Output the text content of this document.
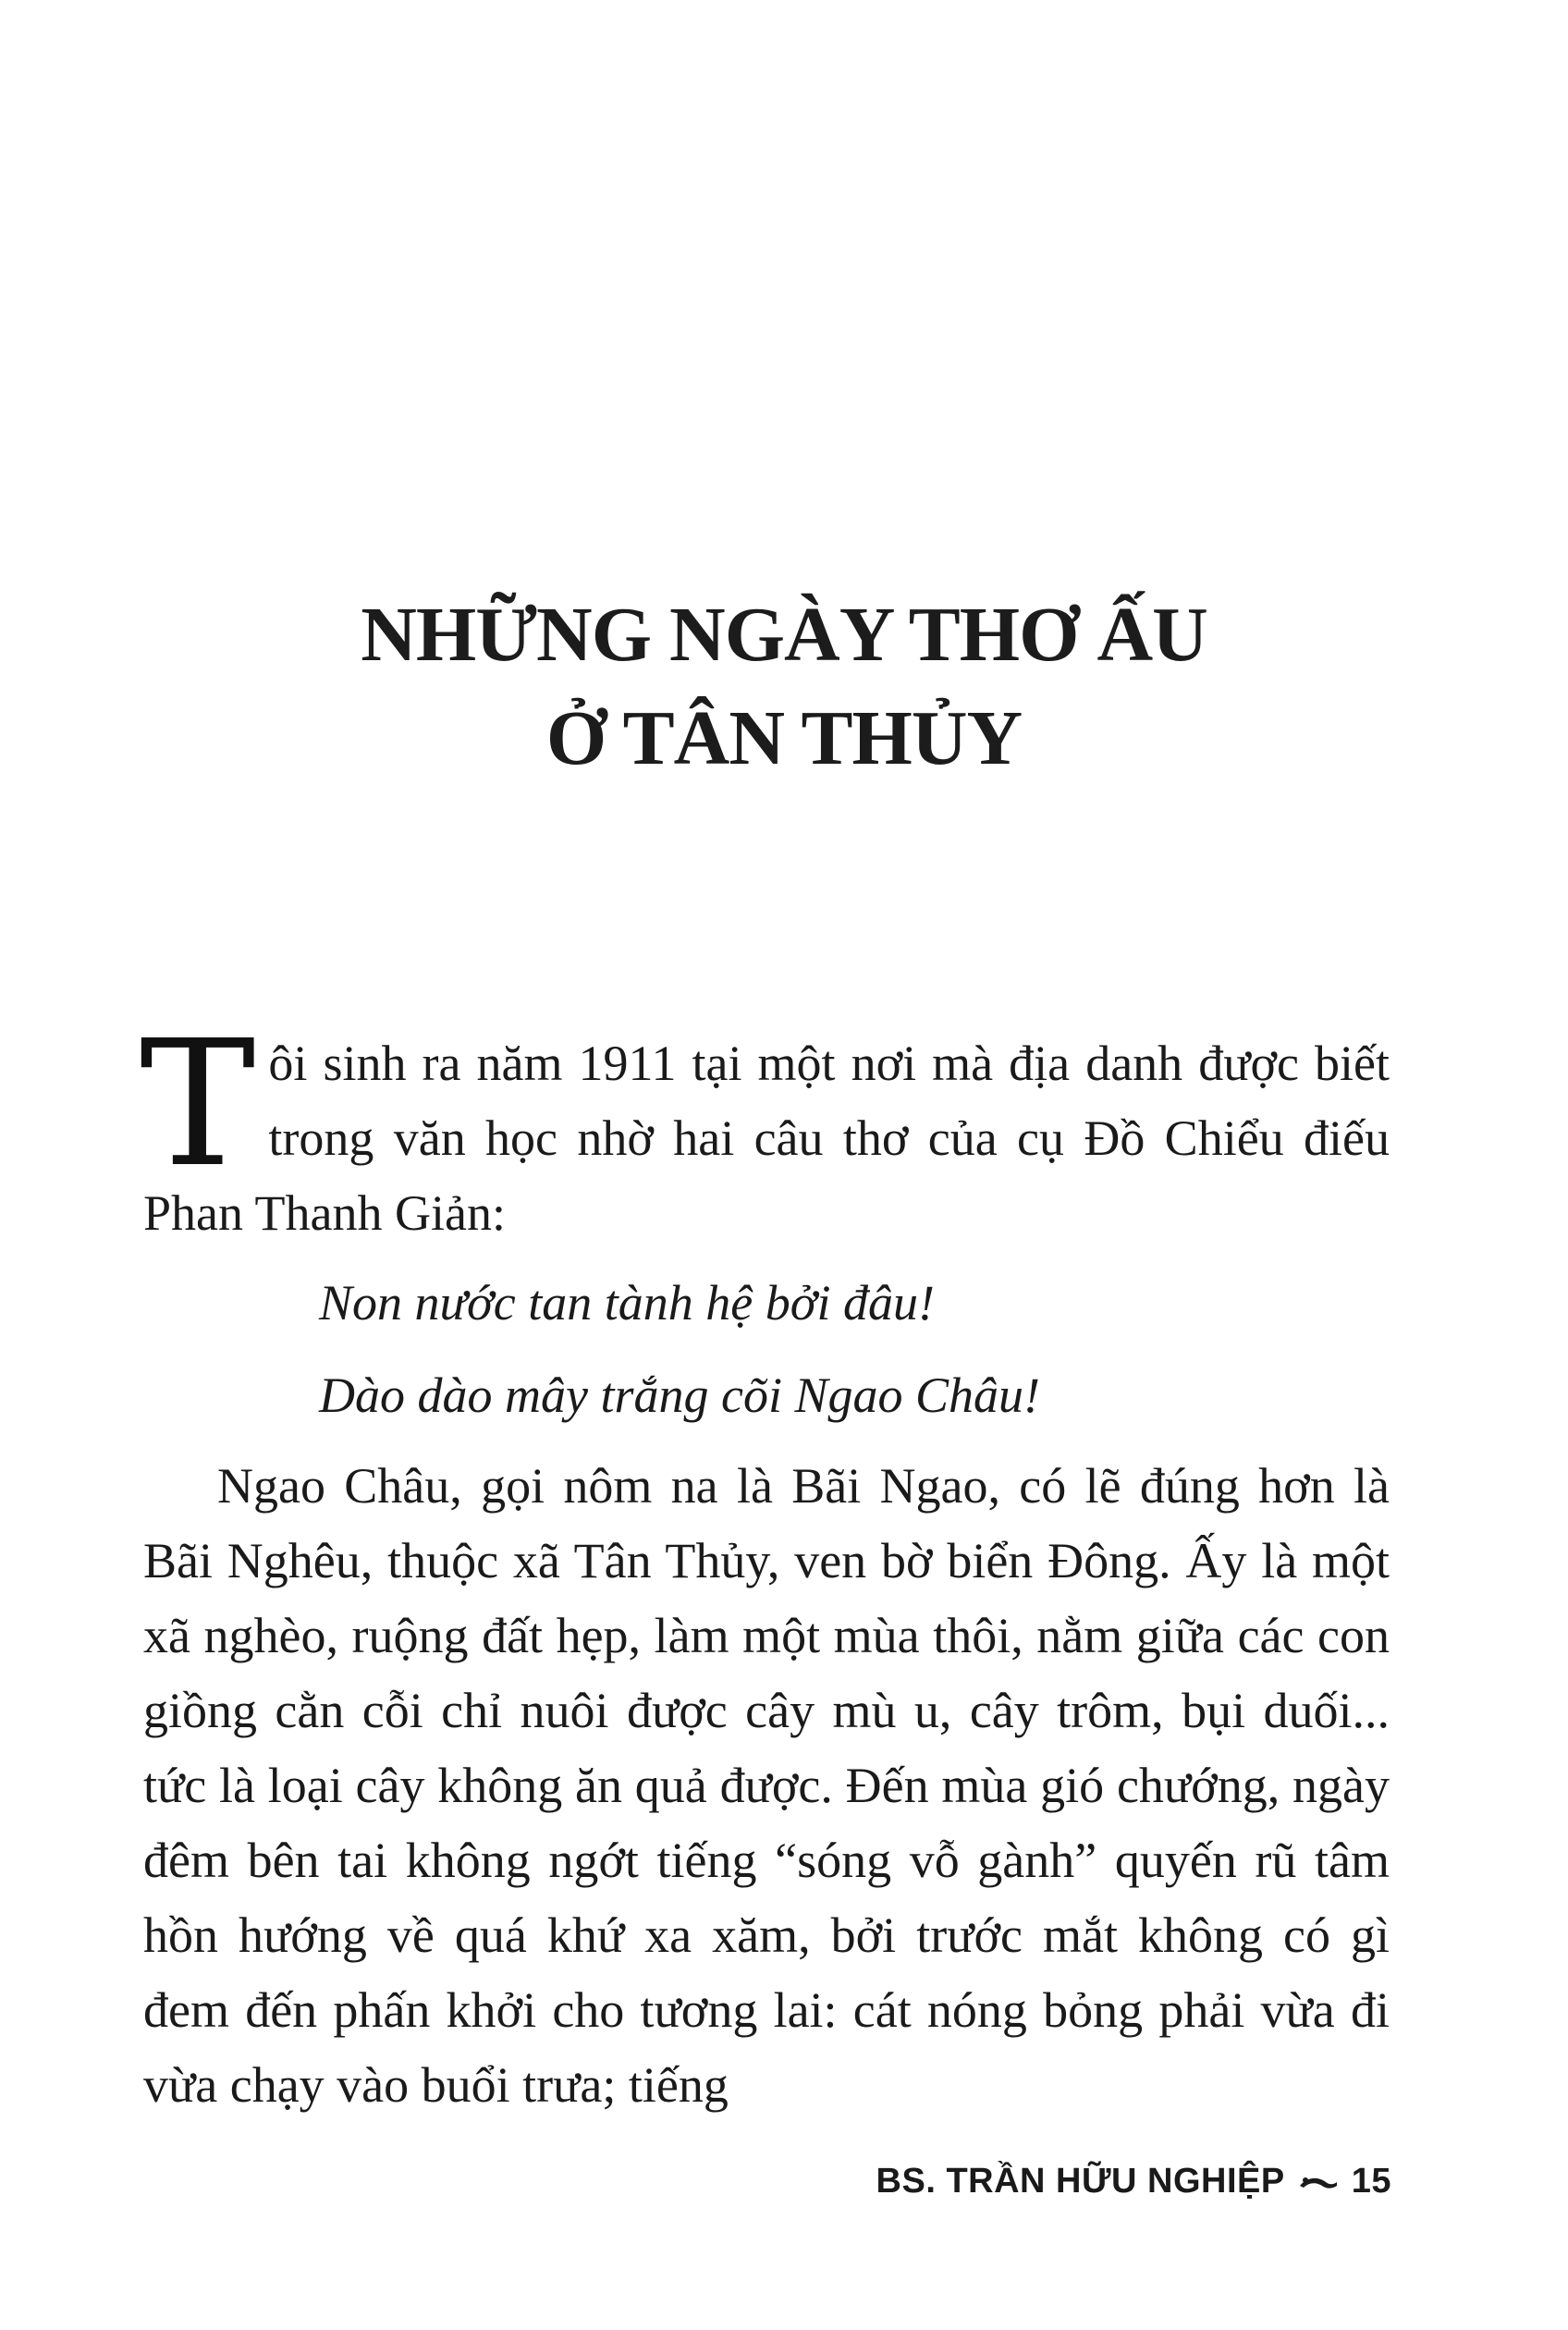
NHỮNG NGÀY THƠ ẤU
Ở TÂN THỦY

Tôi sinh ra năm 1911 tại một nơi mà địa danh được biết trong văn học nhờ hai câu thơ của cụ Đồ Chiểu điếu Phan Thanh Giản:

Non nước tan tành hệ bởi đâu!
Dào dào mây trắng cõi Ngao Châu!

Ngao Châu, gọi nôm na là Bãi Ngao, có lẽ đúng hơn là Bãi Nghêu, thuộc xã Tân Thủy, ven bờ biển Đông. Ấy là một xã nghèo, ruộng đất hẹp, làm một mùa thôi, nằm giữa các con giồng cằn cỗi chỉ nuôi được cây mù u, cây trôm, bụi duối... tức là loại cây không ăn quả được. Đến mùa gió chướng, ngày đêm bên tai không ngớt tiếng “sóng vỗ gành” quyến rũ tâm hồn hướng về quá khứ xa xăm, bởi trước mắt không có gì đem đến phấn khởi cho tương lai: cát nóng bỏng phải vừa đi vừa chạy vào buổi trưa; tiếng

BS. TRẦN HỮU NGHIỆP 15
